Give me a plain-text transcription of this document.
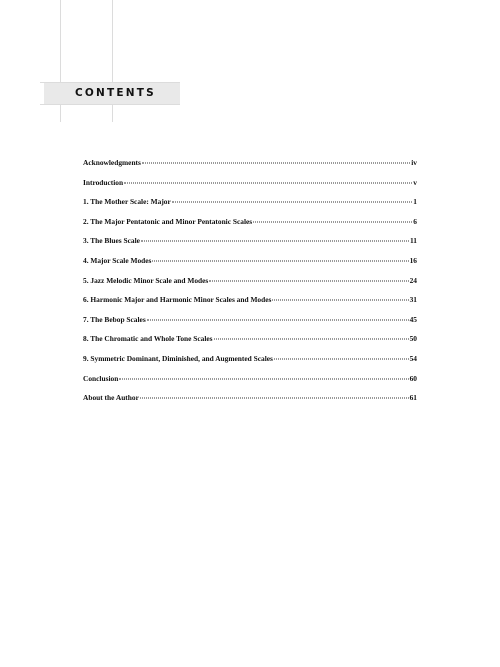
CONTENTS
Acknowledgments	iv
Introduction	v
1. The Mother Scale: Major	1
2. The Major Pentatonic and Minor Pentatonic Scales	6
3. The Blues Scale	11
4. Major Scale Modes	16
5. Jazz Melodic Minor Scale and Modes	24
6. Harmonic Major and Harmonic Minor Scales and Modes	31
7. The Bebop Scales	45
8. The Chromatic and Whole Tone Scales	50
9. Symmetric Dominant, Diminished, and Augmented Scales	54
Conclusion	60
About the Author	61
